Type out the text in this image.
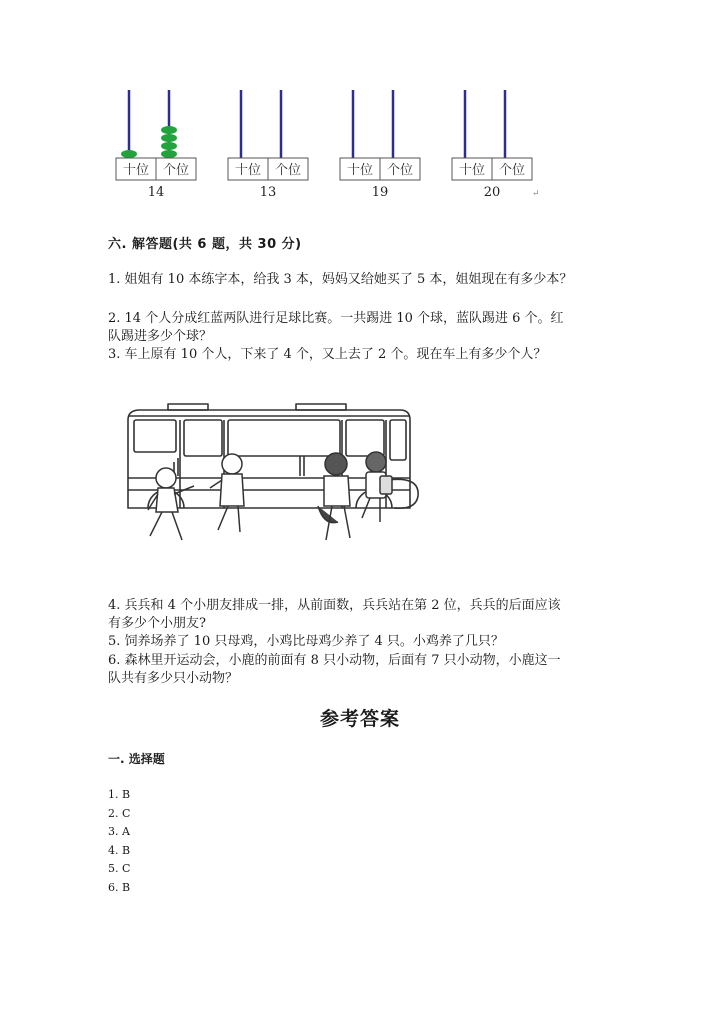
十位 个位
14
十位 个位
13
十位 个位
19
十位 个位
20	↵
六. 解答题(共 6 题，共 30 分)
1. 姐姐有 10 本练字本，给我 3 本，妈妈又给她买了 5 本，姐姐现在有多少本？
2. 14 个人分成红蓝两队进行足球比赛。一共踢进 10 个球，蓝队踢进 6 个。红
队踢进多少个球？
3. 车上原有 10 个人，下来了 4 个，又上去了 2 个。现在车上有多少个人？
4. 兵兵和 4 个小朋友排成一排，从前面数，兵兵站在第 2 位，兵兵的后面应该
有多少个小朋友?
5. 饲养场养了 10 只母鸡，小鸡比母鸡少养了 4 只。小鸡养了几只？
6. 森林里开运动会，小鹿的前面有 8 只小动物，后面有 7 只小动物，小鹿这一
队共有多少只小动物？
参考答案
一. 选择题
1. B
2. C
3. A
4. B
5. C
6. B
